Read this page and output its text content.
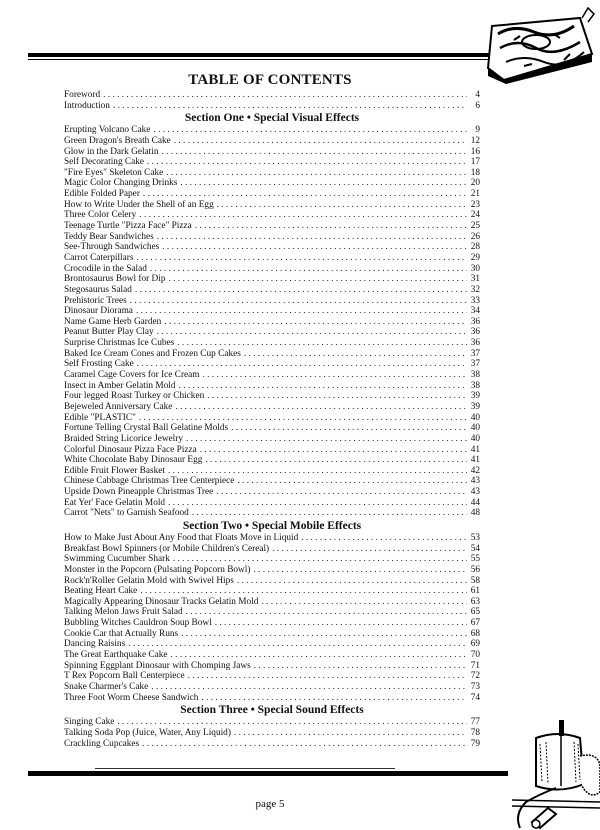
TABLE OF CONTENTS
Foreword . . .	4
Introduction . . .	6
Section One • Special Visual Effects
Erupting Volcano Cake . . .	9
Green Dragon's Breath Cake . . .	12
Glow in the Dark Gelatin . . .	16
Self Decorating Cake . . .	17
"Fire Eyes" Skeleton Cake . . .	18
Magic Color Changing Drinks . . .	20
Edible Folded Paper . . .	21
How to Write Under the Shell of an Egg . . .	23
Three Color Celery . . .	24
Teenage Turtle "Pizza Face" Pizza . . .	25
Teddy Bear Sandwiches . . .	26
See-Through Sandwiches . . .	28
Carrot Caterpillars . . .	29
Crocodile in the Salad . . .	30
Brontosaurus Bowl for Dip . . .	31
Stegosaurus Salad . . .	32
Prehistoric Trees . . .	33
Dinosaur Diorama . . .	34
Name Game Herb Garden . . .	36
Peanut Butter Play Clay . . .	36
Surprise Christmas Ice Cubes . . .	36
Baked Ice Cream Cones and Frozen Cup Cakes . . .	37
Self Frosting Cake . . .	37
Caramel Cage Covers for Ice Cream . . .	38
Insect in Amber Gelatin Mold . . .	38
Four legged Roast Turkey or Chicken . . .	39
Bejeweled Anniversary Cake . . .	39
Edible "PLASTIC" . . .	40
Fortune Telling Crystal Ball Gelatine Molds . . .	40
Braided String Licorice Jewelry . . .	40
Colorful Dinosaur Pizza Face Pizza . . .	41
White Chocolate Baby Dinosaur Egg . . .	41
Edible Fruit Flower Basket . . .	42
Chinese Cabbage Christmas Tree Centerpiece . . .	43
Upside Down Pineapple Christmas Tree . . .	43
Eat Yer' Face Gelatin Mold . . .	44
Carrot "Nets" to Garnish Seafood . . .	48
Section Two • Special Mobile Effects
How to Make Just About Any Food that Floats Move in Liquid . . .	53
Breakfast Bowl Spinners (or Mobile Children's Cereal) . . .	54
Swimming Cucumber Shark . . .	55
Monster in the Popcorn (Pulsating Popcorn Bowl) . . .	56
Rock'n'Roller Gelatin Mold with Swivel Hips . . .	58
Beating Heart Cake . . .	61
Magically Appearing Dinosaur Tracks Gelatin Mold . . .	63
Talking Melon Jaws Fruit Salad . . .	65
Bubbling Witches Cauldron Soup Bowl . . .	67
Cookie Car that Actually Runs . . .	68
Dancing Raisins . . .	69
The Great Earthquake Cake . . .	70
Spinning Eggplant Dinosaur with Chomping Jaws . . .	71
T Rex Popcorn Ball Centerpiece . . .	72
Snake Charmer's Cake . . .	73
Three Foot Worm Cheese Sandwich . . .	74
Section Three • Special Sound Effects
Singing Cake . . .	77
Talking Soda Pop (Juice, Water, Any Liquid) . . .	78
Crackling Cupcakes . . .	79
page 5
